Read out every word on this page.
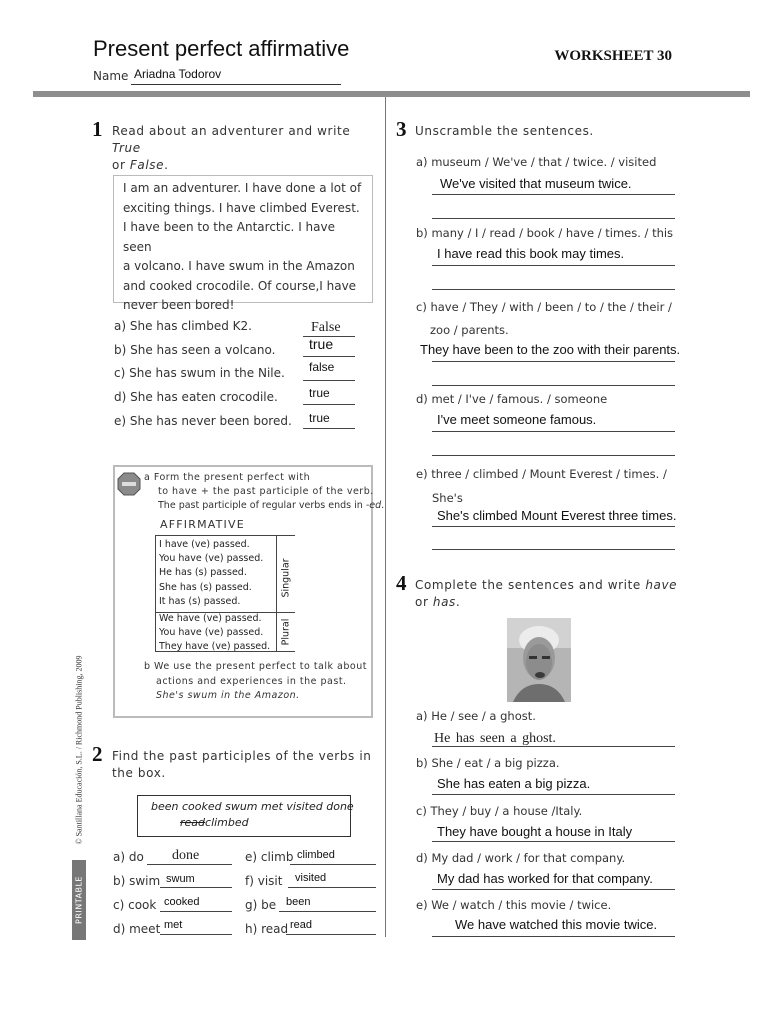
Present perfect affirmative	WORKSHEET 30
Name Ariadna Todorov
© Santillana Educación, S.L. / Richmond Publishing, 2009
PRINTABLE
1 Read about an adventurer and write True
or False.
I am an adventurer. I have done a lot of
exciting things. I have climbed Everest.
I have been to the Antarctic. I have seen
a volcano. I have swum in the Amazon
and cooked crocodile. Of course,I have
never been bored!
a) She has climbed K2.	False
b) She has seen a volcano. true
c) She has swum in the Nile. false
d) She has eaten crocodile.	true
e) She has never been bored. true
a Form the present perfect with
to have + the past participle of the verb.
The past participle of regular verbs ends in -ed.
AFFIRMATIVE
I have (ve) passed.
You have (ve) passed.
He has (s) passed.
She has (s) passed.
It has (s) passed.
We have (ve) passed.
You have (ve) passed.
They have (ve) passed.
Singular
Plural
b We use the present perfect to talk about
actions and experiences in the past.
She's swum in the Amazon.
2 Find the past participles of the verbs in
the box.
been cooked swum met visited done
readclimbed
a) do done	e) climb climbed
b) swim swum	f) visit visited
c) cook cooked	g) be been
d) meet met	h) read read
3 Unscramble the sentences.
a) museum / We've / that / twice. / visited
We've visited that museum twice.
b) many / I / read / book / have / times. / this
I have read this book may times.
c) have / They / with / been / to / the / their /
zoo / parents.
They have been to the zoo with their parents.
d) met / I've / famous. / someone
I've meet someone famous.
e) three / climbed / Mount Everest / times. /
She's
She's climbed Mount Everest three times.
4 Complete the sentences and write have
or has.
a) He / see / a ghost.
He has seen a ghost.
b) She / eat / a big pizza.
She has eaten a big pizza.
c) They / buy / a house /Italy.
They have bought a house in Italy
d) My dad / work / for that company.
My dad has worked for that company.
e) We / watch / this movie / twice.
We have watched this movie twice.
